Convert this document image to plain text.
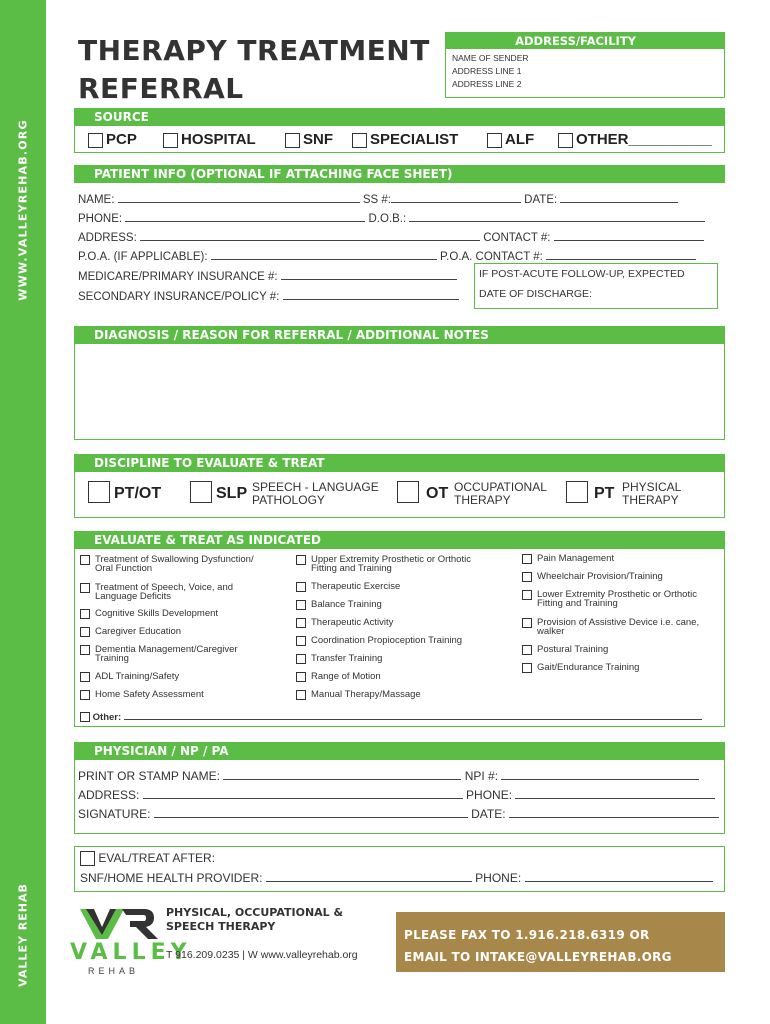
WWW.VALLEYREHAB.ORG
VALLEY REHAB
THERAPY TREATMENT
REFERRAL
ADDRESS/FACILITY
NAME OF SENDER
ADDRESS LINE 1
ADDRESS LINE 2
SOURCE
PCP	HOSPITAL	SNF	SPECIALIST	ALF	OTHER__________
PATIENT INFO (OPTIONAL IF ATTACHING FACE SHEET)
NAME:	SS #:	DATE:
PHONE:	D.O.B.:
ADDRESS:	CONTACT #:
P.O.A. (IF APPLICABLE):	P.O.A. CONTACT #:
MEDICARE/PRIMARY INSURANCE #:
SECONDARY INSURANCE/POLICY #:
IF POST-ACUTE FOLLOW-UP, EXPECTED
DATE OF DISCHARGE:
DIAGNOSIS / REASON FOR REFERRAL / ADDITIONAL NOTES
DISCIPLINE TO EVALUATE & TREAT
PT/OT	SLP SPEECH - LANGUAGE
PATHOLOGY	OT OCCUPATIONAL
THERAPY	PT PHYSICAL
THERAPY
EVALUATE & TREAT AS INDICATED
Treatment of Swallowing Dysfunction/
Oral Function
Treatment of Speech, Voice, and
Language Deficits
Cognitive Skills Development
Caregiver Education
Dementia Management/Caregiver
Training
ADL Training/Safety
Home Safety Assessment
Upper Extremity Prosthetic or Orthotic
Fitting and Training
Therapeutic Exercise
Balance Training
Therapeutic Activity
Coordination Propioception Training
Transfer Training
Range of Motion
Manual Therapy/Massage
Pain Management
Wheelchair Provision/Training
Lower Extremity Prosthetic or Orthotic
Fitting and Training
Provision of Assistive Device i.e. cane,
walker
Postural Training
Gait/Endurance Training
Other:
PHYSICIAN / NP / PA
PRINT OR STAMP NAME:	NPI #:
ADDRESS:	PHONE:
SIGNATURE:	DATE:
EVAL/TREAT AFTER:
SNF/HOME HEALTH PROVIDER:	PHONE:
VALLEY
REHAB
PHYSICAL, OCCUPATIONAL &
SPEECH THERAPY
T 916.209.0235 | W www.valleyrehab.org
PLEASE FAX TO 1.916.218.6319 OR
EMAIL TO INTAKE@VALLEYREHAB.ORG
